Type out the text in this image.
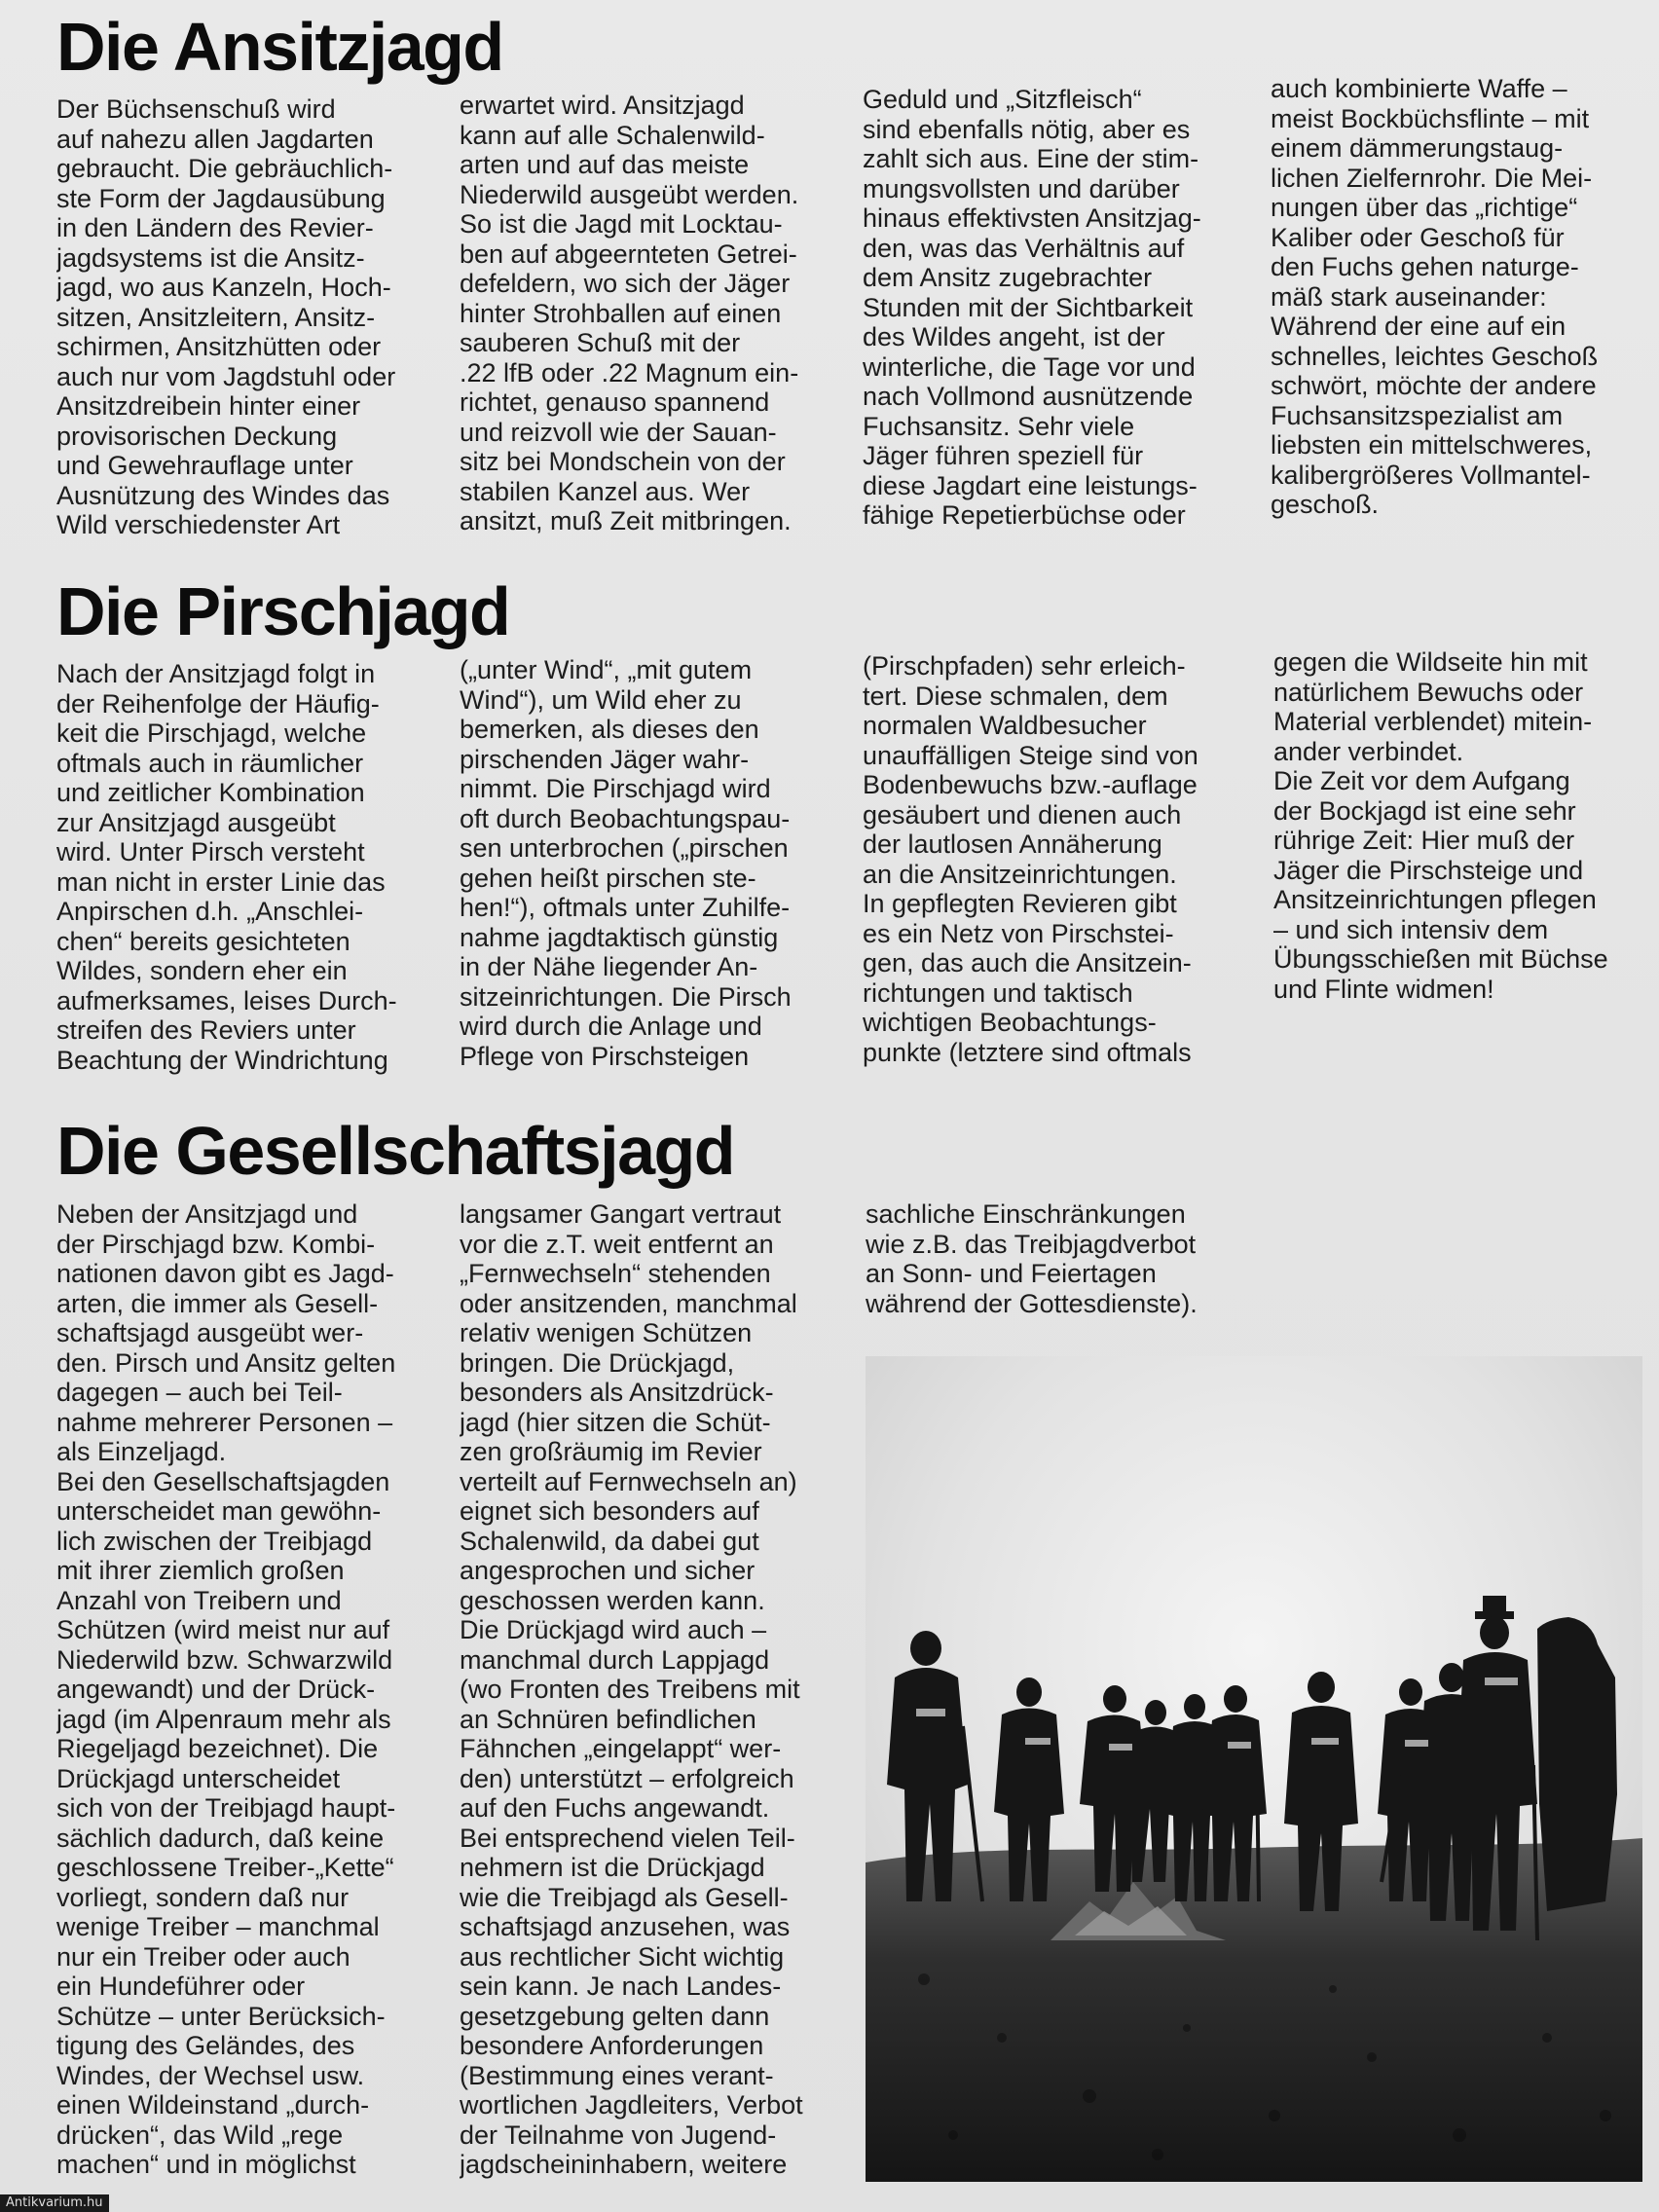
Die Ansitzjagd

Der Büchsenschuß wird
auf nahezu allen Jagdarten
gebraucht. Die gebräuchlich-
ste Form der Jagdausübung
in den Ländern des Revier-
jagdsystems ist die Ansitz-
jagd, wo aus Kanzeln, Hoch-
sitzen, Ansitzleitern, Ansitz-
schirmen, Ansitzhütten oder
auch nur vom Jagdstuhl oder
Ansitzdreibein hinter einer
provisorischen Deckung
und Gewehrauflage unter
Ausnützung des Windes das
Wild verschiedenster Art

erwartet wird. Ansitzjagd
kann auf alle Schalenwild-
arten und auf das meiste
Niederwild ausgeübt werden.
So ist die Jagd mit Locktau-
ben auf abgeernteten Getrei-
defeldern, wo sich der Jäger
hinter Strohballen auf einen
sauberen Schuß mit der
.22 lfB oder .22 Magnum ein-
richtet, genauso spannend
und reizvoll wie der Sauan-
sitz bei Mondschein von der
stabilen Kanzel aus. Wer
ansitzt, muß Zeit mitbringen.

Geduld und „Sitzfleisch“
sind ebenfalls nötig, aber es
zahlt sich aus. Eine der stim-
mungsvollsten und darüber
hinaus effektivsten Ansitzjag-
den, was das Verhältnis auf
dem Ansitz zugebrachter
Stunden mit der Sichtbarkeit
des Wildes angeht, ist der
winterliche, die Tage vor und
nach Vollmond ausnützende
Fuchsansitz. Sehr viele
Jäger führen speziell für
diese Jagdart eine leistungs-
fähige Repetierbüchse oder

auch kombinierte Waffe –
meist Bockbüchsflinte – mit
einem dämmerungstaug-
lichen Zielfernrohr. Die Mei-
nungen über das „richtige“
Kaliber oder Geschoß für
den Fuchs gehen naturge-
mäß stark auseinander:
Während der eine auf ein
schnelles, leichtes Geschoß
schwört, möchte der andere
Fuchsansitzspezialist am
liebsten ein mittelschweres,
kalibergrößeres Vollmantel-
geschoß.

Die Pirschjagd

Nach der Ansitzjagd folgt in
der Reihenfolge der Häufig-
keit die Pirschjagd, welche
oftmals auch in räumlicher
und zeitlicher Kombination
zur Ansitzjagd ausgeübt
wird. Unter Pirsch versteht
man nicht in erster Linie das
Anpirschen d.h. „Anschlei-
chen“ bereits gesichteten
Wildes, sondern eher ein
aufmerksames, leises Durch-
streifen des Reviers unter
Beachtung der Windrichtung

(„unter Wind“, „mit gutem
Wind“), um Wild eher zu
bemerken, als dieses den
pirschenden Jäger wahr-
nimmt. Die Pirschjagd wird
oft durch Beobachtungspau-
sen unterbrochen („pirschen
gehen heißt pirschen ste-
hen!“), oftmals unter Zuhilfe-
nahme jagdtaktisch günstig
in der Nähe liegender An-
sitzeinrichtungen. Die Pirsch
wird durch die Anlage und
Pflege von Pirschsteigen

(Pirschpfaden) sehr erleich-
tert. Diese schmalen, dem
normalen Waldbesucher
unauffälligen Steige sind von
Bodenbewuchs bzw.-auflage
gesäubert und dienen auch
der lautlosen Annäherung
an die Ansitzeinrichtungen.
In gepflegten Revieren gibt
es ein Netz von Pirschstei-
gen, das auch die Ansitzein-
richtungen und taktisch
wichtigen Beobachtungs-
punkte (letztere sind oftmals

gegen die Wildseite hin mit
natürlichem Bewuchs oder
Material verblendet) mitein-
ander verbindet.
Die Zeit vor dem Aufgang
der Bockjagd ist eine sehr
rührige Zeit: Hier muß der
Jäger die Pirschsteige und
Ansitzeinrichtungen pflegen
– und sich intensiv dem
Übungsschießen mit Büchse
und Flinte widmen!

Die Gesellschaftsjagd

Neben der Ansitzjagd und
der Pirschjagd bzw. Kombi-
nationen davon gibt es Jagd-
arten, die immer als Gesell-
schaftsjagd ausgeübt wer-
den. Pirsch und Ansitz gelten
dagegen – auch bei Teil-
nahme mehrerer Personen –
als Einzeljagd.
Bei den Gesellschaftsjagden
unterscheidet man gewöhn-
lich zwischen der Treibjagd
mit ihrer ziemlich großen
Anzahl von Treibern und
Schützen (wird meist nur auf
Niederwild bzw. Schwarzwild
angewandt) und der Drück-
jagd (im Alpenraum mehr als
Riegeljagd bezeichnet). Die
Drückjagd unterscheidet
sich von der Treibjagd haupt-
sächlich dadurch, daß keine
geschlossene Treiber-„Kette“
vorliegt, sondern daß nur
wenige Treiber – manchmal
nur ein Treiber oder auch
ein Hundeführer oder
Schütze – unter Berücksich-
tigung des Geländes, des
Windes, der Wechsel usw.
einen Wildeinstand „durch-
drücken“, das Wild „rege
machen“ und in möglichst

langsamer Gangart vertraut
vor die z.T. weit entfernt an
„Fernwechseln“ stehenden
oder ansitzenden, manchmal
relativ wenigen Schützen
bringen. Die Drückjagd,
besonders als Ansitzdrück-
jagd (hier sitzen die Schüt-
zen großräumig im Revier
verteilt auf Fernwechseln an)
eignet sich besonders auf
Schalenwild, da dabei gut
angesprochen und sicher
geschossen werden kann.
Die Drückjagd wird auch –
manchmal durch Lappjagd
(wo Fronten des Treibens mit
an Schnüren befindlichen
Fähnchen „eingelappt“ wer-
den) unterstützt – erfolgreich
auf den Fuchs angewandt.
Bei entsprechend vielen Teil-
nehmern ist die Drückjagd
wie die Treibjagd als Gesell-
schaftsjagd anzusehen, was
aus rechtlicher Sicht wichtig
sein kann. Je nach Landes-
gesetzgebung gelten dann
besondere Anforderungen
(Bestimmung eines verant-
wortlichen Jagdleiters, Verbot
der Teilnahme von Jugend-
jagdscheininhabern, weitere

sachliche Einschränkungen
wie z.B. das Treibjagdverbot
an Sonn- und Feiertagen
während der Gottesdienste).

Antikvarium.hu
